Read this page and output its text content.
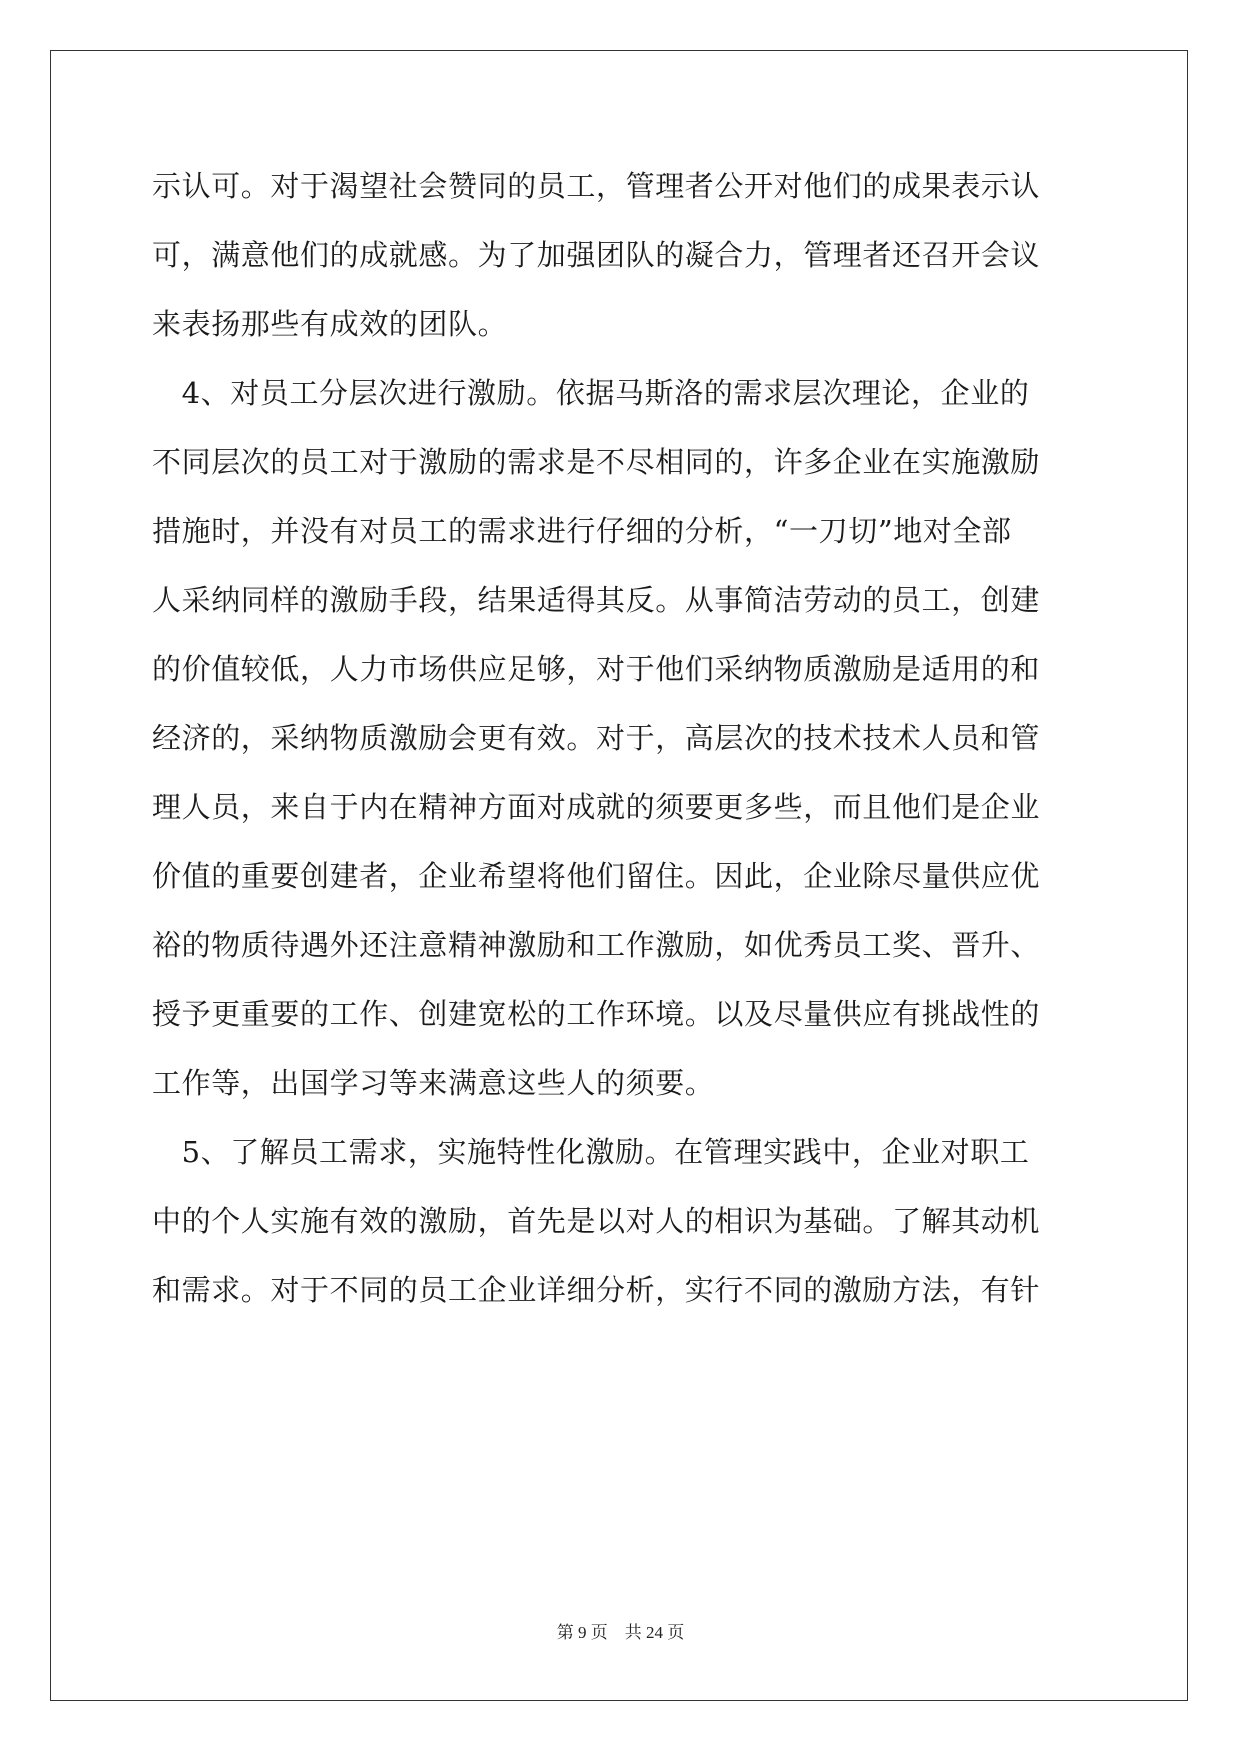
示认可。对于渴望社会赞同的员工，管理者公开对他们的成果表示认
可，满意他们的成就感。为了加强团队的凝合力，管理者还召开会议
来表扬那些有成效的团队。
　4、对员工分层次进行激励。依据马斯洛的需求层次理论，企业的
不同层次的员工对于激励的需求是不尽相同的，许多企业在实施激励
措施时，并没有对员工的需求进行仔细的分析，“一刀切”地对全部
人采纳同样的激励手段，结果适得其反。从事简洁劳动的员工，创建
的价值较低，人力市场供应足够，对于他们采纳物质激励是适用的和
经济的，采纳物质激励会更有效。对于，高层次的技术技术人员和管
理人员，来自于内在精神方面对成就的须要更多些，而且他们是企业
价值的重要创建者，企业希望将他们留住。因此，企业除尽量供应优
裕的物质待遇外还注意精神激励和工作激励，如优秀员工奖、晋升、
授予更重要的工作、创建宽松的工作环境。以及尽量供应有挑战性的
工作等，出国学习等来满意这些人的须要。
　5、了解员工需求，实施特性化激励。在管理实践中，企业对职工
中的个人实施有效的激励，首先是以对人的相识为基础。了解其动机
和需求。对于不同的员工企业详细分析，实行不同的激励方法，有针
第 9 页　共 24 页
